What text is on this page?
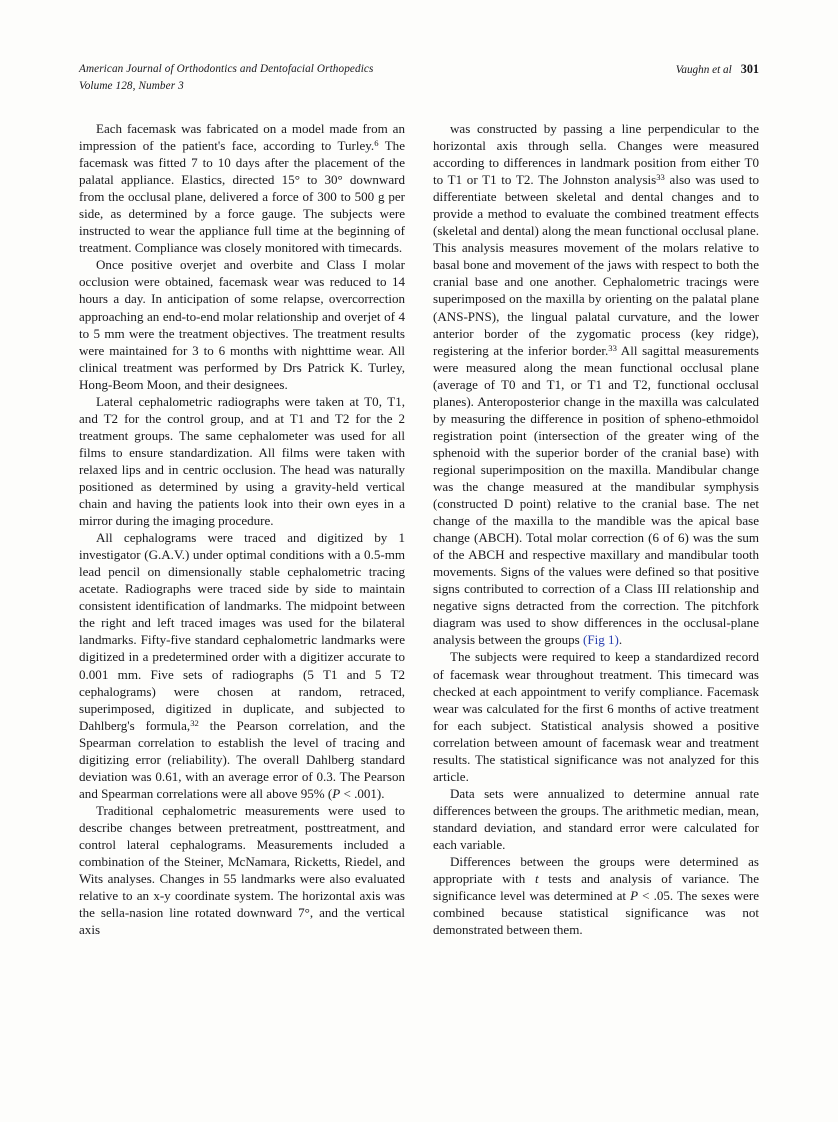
American Journal of Orthodontics and Dentofacial Orthopedics
Volume 128, Number 3
Vaughn et al 301

Each facemask was fabricated on a model made from an impression of the patient's face, according to Turley.$^6$ The facemask was fitted 7 to 10 days after the placement of the palatal appliance. Elastics, directed 15° to 30° downward from the occlusal plane, delivered a force of 300 to 500 g per side, as determined by a force gauge. The subjects were instructed to wear the appliance full time at the beginning of treatment. Compliance was closely monitored with timecards.

Once positive overjet and overbite and Class I molar occlusion were obtained, facemask wear was reduced to 14 hours a day. In anticipation of some relapse, overcorrection approaching an end-to-end molar relationship and overjet of 4 to 5 mm were the treatment objectives. The treatment results were maintained for 3 to 6 months with nighttime wear. All clinical treatment was performed by Drs Patrick K. Turley, Hong-Beom Moon, and their designees.

Lateral cephalometric radiographs were taken at T0, T1, and T2 for the control group, and at T1 and T2 for the 2 treatment groups. The same cephalometer was used for all films to ensure standardization. All films were taken with relaxed lips and in centric occlusion. The head was naturally positioned as determined by using a gravity-held vertical chain and having the patients look into their own eyes in a mirror during the imaging procedure.

All cephalograms were traced and digitized by 1 investigator (G.A.V.) under optimal conditions with a 0.5-mm lead pencil on dimensionally stable cephalometric tracing acetate. Radiographs were traced side by side to maintain consistent identification of landmarks. The midpoint between the right and left traced images was used for the bilateral landmarks. Fifty-five standard cephalometric landmarks were digitized in a predetermined order with a digitizer accurate to 0.001 mm. Five sets of radiographs (5 T1 and 5 T2 cephalograms) were chosen at random, retraced, superimposed, digitized in duplicate, and subjected to Dahlberg's formula,$^{32}$ the Pearson correlation, and the Spearman correlation to establish the level of tracing and digitizing error (reliability). The overall Dahlberg standard deviation was 0.61, with an average error of 0.3. The Pearson and Spearman correlations were all above 95% (P < .001).

Traditional cephalometric measurements were used to describe changes between pretreatment, posttreatment, and control lateral cephalograms. Measurements included a combination of the Steiner, McNamara, Ricketts, Riedel, and Wits analyses. Changes in 55 landmarks were also evaluated relative to an x-y coordinate system. The horizontal axis was the sella-nasion line rotated downward 7°, and the vertical axis

was constructed by passing a line perpendicular to the horizontal axis through sella. Changes were measured according to differences in landmark position from either T0 to T1 or T1 to T2. The Johnston analysis$^{33}$ also was used to differentiate between skeletal and dental changes and to provide a method to evaluate the combined treatment effects (skeletal and dental) along the mean functional occlusal plane. This analysis measures movement of the molars relative to basal bone and movement of the jaws with respect to both the cranial base and one another. Cephalometric tracings were superimposed on the maxilla by orienting on the palatal plane (ANS-PNS), the lingual palatal curvature, and the lower anterior border of the zygomatic process (key ridge), registering at the inferior border.$^{33}$ All sagittal measurements were measured along the mean functional occlusal plane (average of T0 and T1, or T1 and T2, functional occlusal planes). Anteroposterior change in the maxilla was calculated by measuring the difference in position of spheno-ethmoidol registration point (intersection of the greater wing of the sphenoid with the superior border of the cranial base) with regional superimposition on the maxilla. Mandibular change was the change measured at the mandibular symphysis (constructed D point) relative to the cranial base. The net change of the maxilla to the mandible was the apical base change (ABCH). Total molar correction (6 of 6) was the sum of the ABCH and respective maxillary and mandibular tooth movements. Signs of the values were defined so that positive signs contributed to correction of a Class III relationship and negative signs detracted from the correction. The pitchfork diagram was used to show differences in the occlusal-plane analysis between the groups (Fig 1).

The subjects were required to keep a standardized record of facemask wear throughout treatment. This timecard was checked at each appointment to verify compliance. Facemask wear was calculated for the first 6 months of active treatment for each subject. Statistical analysis showed a positive correlation between amount of facemask wear and treatment results. The statistical significance was not analyzed for this article.

Data sets were annualized to determine annual rate differences between the groups. The arithmetic median, mean, standard deviation, and standard error were calculated for each variable.

Differences between the groups were determined as appropriate with t tests and analysis of variance. The significance level was determined at P < .05. The sexes were combined because statistical significance was not demonstrated between them.
